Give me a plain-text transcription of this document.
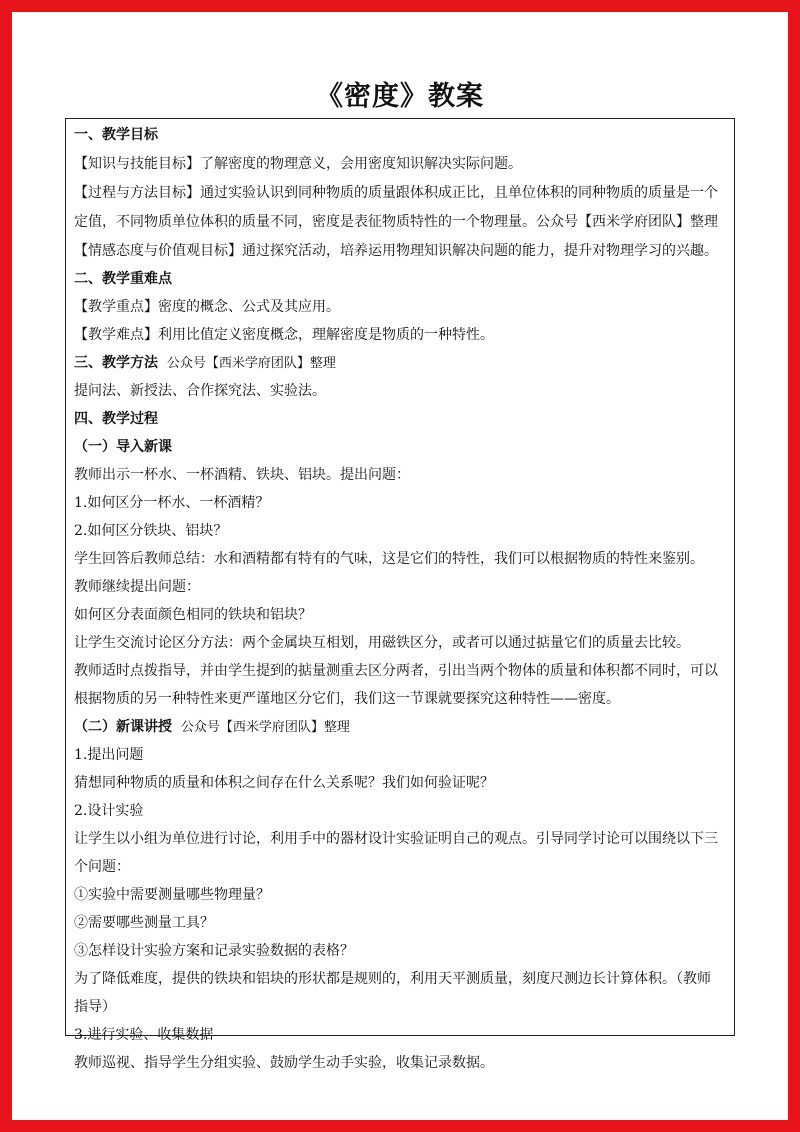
《密度》教案
一、教学目标
【知识与技能目标】了解密度的物理意义，会用密度知识解决实际问题。
【过程与方法目标】通过实验认识到同种物质的质量跟体积成正比，且单位体积的同种物质的质量是一个
定值，不同物质单位体积的质量不同，密度是表征物质特性的一个物理量。公众号【西米学府团队】整理
【情感态度与价值观目标】通过探究活动，培养运用物理知识解决问题的能力，提升对物理学习的兴趣。
二、教学重难点
【教学重点】密度的概念、公式及其应用。
【教学难点】利用比值定义密度概念，理解密度是物质的一种特性。
三、教学方法 公众号【西米学府团队】整理
提问法、新授法、合作探究法、实验法。
四、教学过程
（一）导入新课
教师出示一杯水、一杯酒精、铁块、铝块。提出问题：
1.如何区分一杯水、一杯酒精？
2.如何区分铁块、铝块？
学生回答后教师总结：水和酒精都有特有的气味，这是它们的特性，我们可以根据物质的特性来鉴别。
教师继续提出问题：
如何区分表面颜色相同的铁块和铝块？
让学生交流讨论区分方法：两个金属块互相划，用磁铁区分，或者可以通过掂量它们的质量去比较。
教师适时点拨指导，并由学生提到的掂量测重去区分两者，引出当两个物体的质量和体积都不同时，可以
根据物质的另一种特性来更严谨地区分它们，我们这一节课就要探究这种特性——密度。
（二）新课讲授 公众号【西米学府团队】整理
1.提出问题
猜想同种物质的质量和体积之间存在什么关系呢？我们如何验证呢？
2.设计实验
让学生以小组为单位进行讨论，利用手中的器材设计实验证明自己的观点。引导同学讨论可以围绕以下三
个问题：
①实验中需要测量哪些物理量？
②需要哪些测量工具？
③怎样设计实验方案和记录实验数据的表格？
为了降低难度，提供的铁块和铝块的形状都是规则的，利用天平测质量，刻度尺测边长计算体积。（教师
指导）
3.进行实验、收集数据
教师巡视、指导学生分组实验、鼓励学生动手实验，收集记录数据。
